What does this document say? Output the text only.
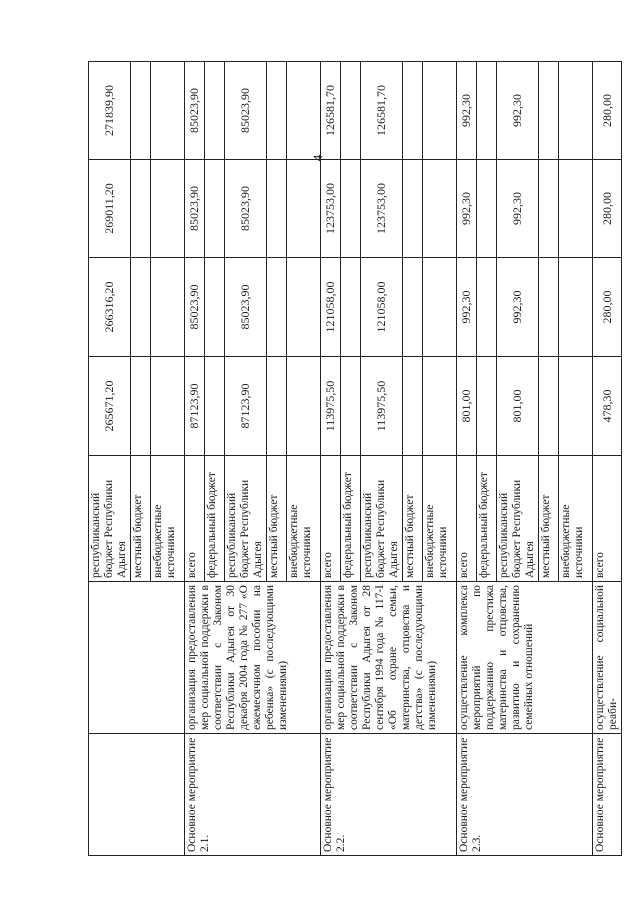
4
		республиканский бюджет Республики Адыгея	265671,20	266316,20	269011,20	271839,90
		местный бюджет				
		внебюджетные источники				
Основное мероприятие 2.1.	организация предоставления мер социальной поддержки в соответствии с Законом Республики Адыгея от 30 декабря 2004 года № 277 «О ежемесячном пособии на ребенка» (с последующими изменениями)	всего	87123,90	85023,90	85023,90	85023,90
		федеральный бюджет				
		республиканский бюджет Республики Адыгея	87123,90	85023,90	85023,90	85023,90
		местный бюджет				
		внебюджетные источники				
Основное мероприятие 2.2.	организация предоставления мер социальной поддержки в соответствии с Законом Республики Адыгея от 28 сентября 1994 года № 117-I «Об охране семьи, материнства, отцовства и детства» (с последующими изменениями)	всего	113975,50	121058,00	123753,00	126581,70
		федеральный бюджет				
		республиканский бюджет Республики Адыгея	113975,50	121058,00	123753,00	126581,70
		местный бюджет				
		внебюджетные источники				
Основное мероприятие 2.3.	осуществление комплекса мероприятий по поддержанию престижа материнства и отцовства, развитию и сохранению семейных отношений	всего	801,00	992,30	992,30	992,30
		федеральный бюджет				
		республиканский бюджет Республики Адыгея	801,00	992,30	992,30	992,30
		местный бюджет				
		внебюджетные источники				
Основное мероприятие	осуществление социальной реаби-	всего	478,30	280,00	280,00	280,00
